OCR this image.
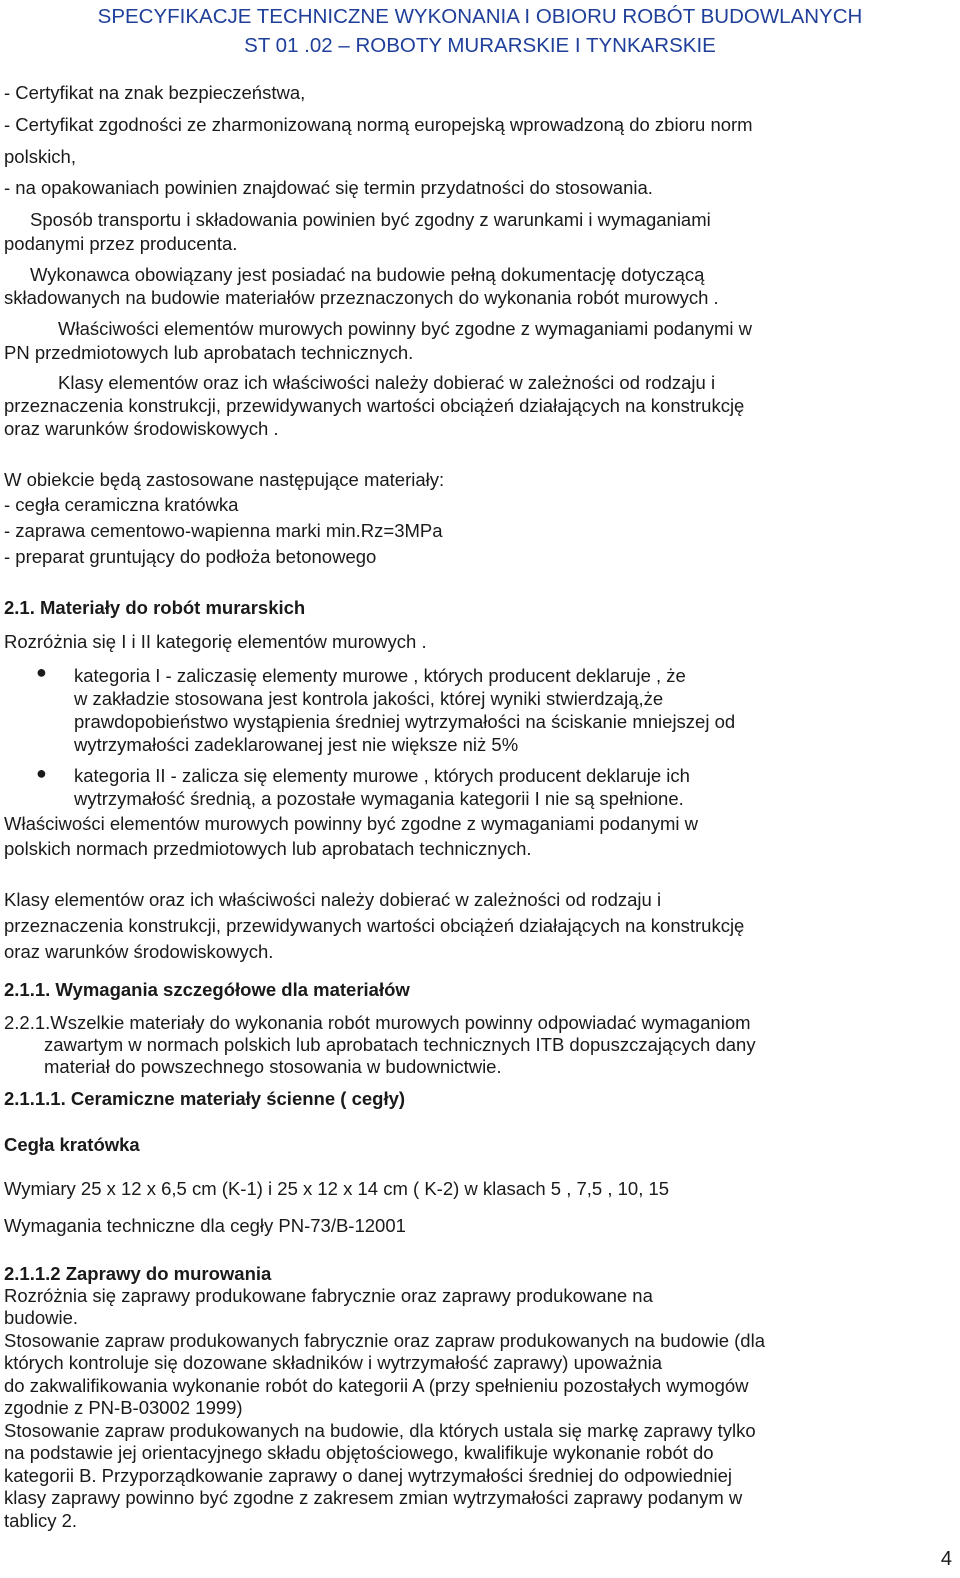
SPECYFIKACJE TECHNICZNE WYKONANIA I OBIORU ROBÓT BUDOWLANYCH
ST 01 .02 – ROBOTY MURARSKIE I TYNKARSKIE

- Certyfikat na znak bezpieczeństwa,

- Certyfikat zgodności ze zharmonizowaną normą europejską wprowadzoną do zbioru norm

polskich,

- na opakowaniach powinien znajdować się termin przydatności do stosowania.

Sposób transportu i składowania powinien być zgodny z warunkami i wymaganiami

podanymi przez producenta.

Wykonawca obowiązany jest posiadać na budowie pełną dokumentację dotyczącą

składowanych na budowie materiałów przeznaczonych do wykonania robót murowych .

Właściwości elementów murowych powinny być zgodne z wymaganiami podanymi w

PN przedmiotowych lub aprobatach technicznych.

Klasy elementów oraz ich właściwości należy dobierać w zależności od rodzaju i

przeznaczenia konstrukcji, przewidywanych wartości obciążeń działających na konstrukcję

oraz warunków środowiskowych .

W obiekcie będą zastosowane następujące materiały:

- cegła ceramiczna kratówka

- zaprawa cementowo-wapienna marki min.Rz=3MPa

- preparat gruntujący do podłoża betonowego

2.1. Materiały do robót murarskich

Rozróżnia się I i II kategorię elementów murowych .

● kategoria I - zaliczasię elementy murowe , których producent deklaruje , że

w zakładzie stosowana jest kontrola jakości, której wyniki stwierdzają,że

prawdopobieństwo wystąpienia średniej wytrzymałości na ściskanie mniejszej od

wytrzymałości zadeklarowanej jest nie większe niż 5%

● kategoria II - zalicza się elementy murowe , których producent deklaruje ich

wytrzymałość średnią, a pozostałe wymagania kategorii I nie są spełnione.

Właściwości elementów murowych powinny być zgodne z wymaganiami podanymi w

polskich normach przedmiotowych lub aprobatach technicznych.

Klasy elementów oraz ich właściwości należy dobierać w zależności od rodzaju i

przeznaczenia konstrukcji, przewidywanych wartości obciążeń działających na konstrukcję

oraz warunków środowiskowych.

2.1.1. Wymagania szczegółowe dla materiałów

2.2.1.Wszelkie materiały do wykonania robót murowych powinny odpowiadać wymaganiom

zawartym w normach polskich lub aprobatach technicznych ITB dopuszczających dany

materiał do powszechnego stosowania w budownictwie.

2.1.1.1. Ceramiczne materiały ścienne ( cegły)

Cegła kratówka

Wymiary 25 x 12 x 6,5 cm (K-1) i 25 x 12 x 14 cm ( K-2) w klasach 5 , 7,5 , 10, 15

Wymagania techniczne dla cegły PN-73/B-12001

2.1.1.2 Zaprawy do murowania

Rozróżnia się zaprawy produkowane fabrycznie oraz zaprawy produkowane na

budowie.

Stosowanie zapraw produkowanych fabrycznie oraz zapraw produkowanych na budowie (dla

których kontroluje się dozowane składników i wytrzymałość zaprawy) upoważnia

do zakwalifikowania wykonanie robót do kategorii A (przy spełnieniu pozostałych wymogów

zgodnie z PN-B-03002 1999)

Stosowanie zapraw produkowanych na budowie, dla których ustala się markę zaprawy tylko

na podstawie jej orientacyjnego składu objętościowego, kwalifikuje wykonanie robót do

kategorii B. Przyporządkowanie zaprawy o danej wytrzymałości średniej do odpowiedniej

klasy zaprawy powinno być zgodne z zakresem zmian wytrzymałości zaprawy podanym w

tablicy 2.

4
